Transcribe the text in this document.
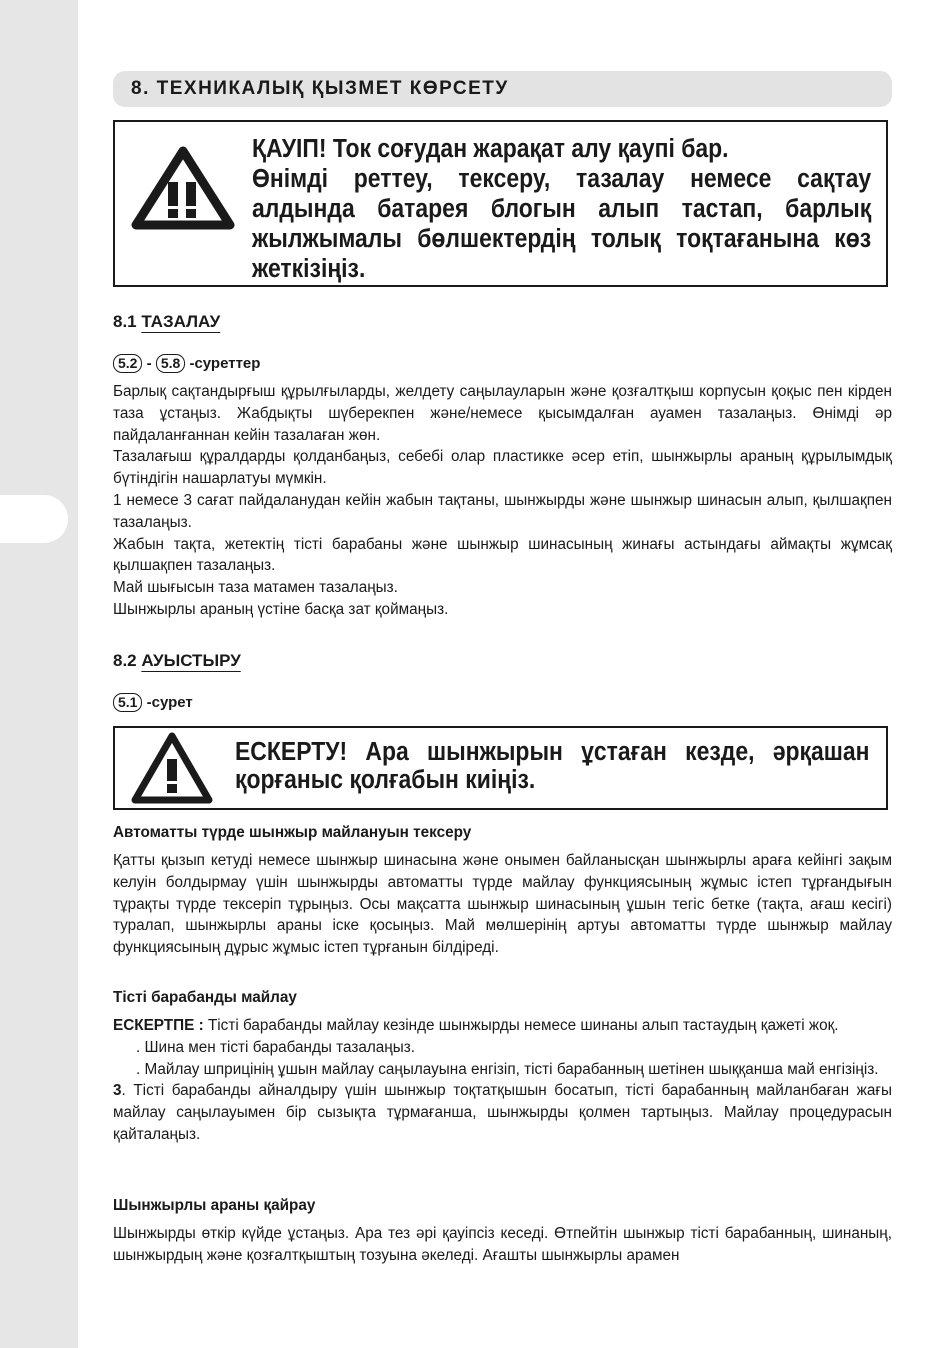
8. ТЕХНИКАЛЫҚ ҚЫЗМЕТ КӨРСЕТУ

ҚАУІП! Ток соғудан жарақат алу қаупі бар.

Өнімді реттеу, тексеру, тазалау немесе сақтау алдында батарея блогын алып тастап, барлық жылжымалы бөлшектердің толық тоқтағанына көз жеткізіңіз.

8.1 ТАЗАЛАУ
5.2 - 5.8 -суреттер

Барлық сақтандырғыш құрылғыларды, желдету саңылауларын және қозғалтқыш корпусын қоқыс пен кірден таза ұстаңыз. Жабдықты шүберекпен және/немесе қысымдалған ауамен тазалаңыз. Өнімді әр пайдаланғаннан кейін тазалаған жөн.

Тазалағыш құралдарды қолданбаңыз, себебі олар пластикке әсер етіп, шынжырлы араның құрылымдық бүтіндігін нашарлатуы мүмкін.

1 немесе 3 сағат пайдаланудан кейін жабын тақтаны, шынжырды және шынжыр шинасын алып, қылшақпен тазалаңыз.

Жабын тақта, жетектің тісті барабаны және шынжыр шинасының жинағы астындағы аймақты жұмсақ қылшақпен тазалаңыз.

Май шығысын таза матамен тазалаңыз.

Шынжырлы араның үстіне басқа зат қоймаңыз.

8.2 АУЫСТЫРУ
5.1 -сурет
ЕСКЕРТУ! Ара шынжырын ұстаған кезде, әрқашан қорғаныс қолғабын киіңіз.
Автоматты түрде шынжыр майлануын тексеру

Қатты қызып кетуді немесе шынжыр шинасына және онымен байланысқан шынжырлы араға кейінгі зақым келуін болдырмау үшін шынжырды автоматты түрде майлау функциясының жұмыс істеп тұрғандығын тұрақты түрде тексеріп тұрыңыз. Осы мақсатта шынжыр шинасының ұшын тегіс бетке (тақта, ағаш кесігі) туралап, шынжырлы араны іске қосыңыз. Май мөлшерінің артуы автоматты түрде шынжыр майлау функциясының дұрыс жұмыс істеп тұрғанын білдіреді.

Тісті барабанды майлау

ЕСКЕРТПЕ : Тісті барабанды майлау кезінде шынжырды немесе шинаны алып тастаудың қажеті жоқ.

. Шина мен тісті барабанды тазалаңыз.

. Майлау шприцінің ұшын майлау саңылауына енгізіп, тісті барабанның шетінен шыққанша май енгізіңіз.

3. Тісті барабанды айналдыру үшін шынжыр тоқтатқышын босатып, тісті барабанның майланбаған жағы майлау саңылауымен бір сызықта тұрмағанша, шынжырды қолмен тартыңыз. Майлау процедурасын қайталаңыз.

Шынжырлы араны қайрау

Шынжырды өткір күйде ұстаңыз. Ара тез әрі қауіпсіз кеседі. Өтпейтін шынжыр тісті барабанның, шинаның, шынжырдың және қозғалтқыштың тозуына әкеледі. Ағашты шынжырлы арамен
